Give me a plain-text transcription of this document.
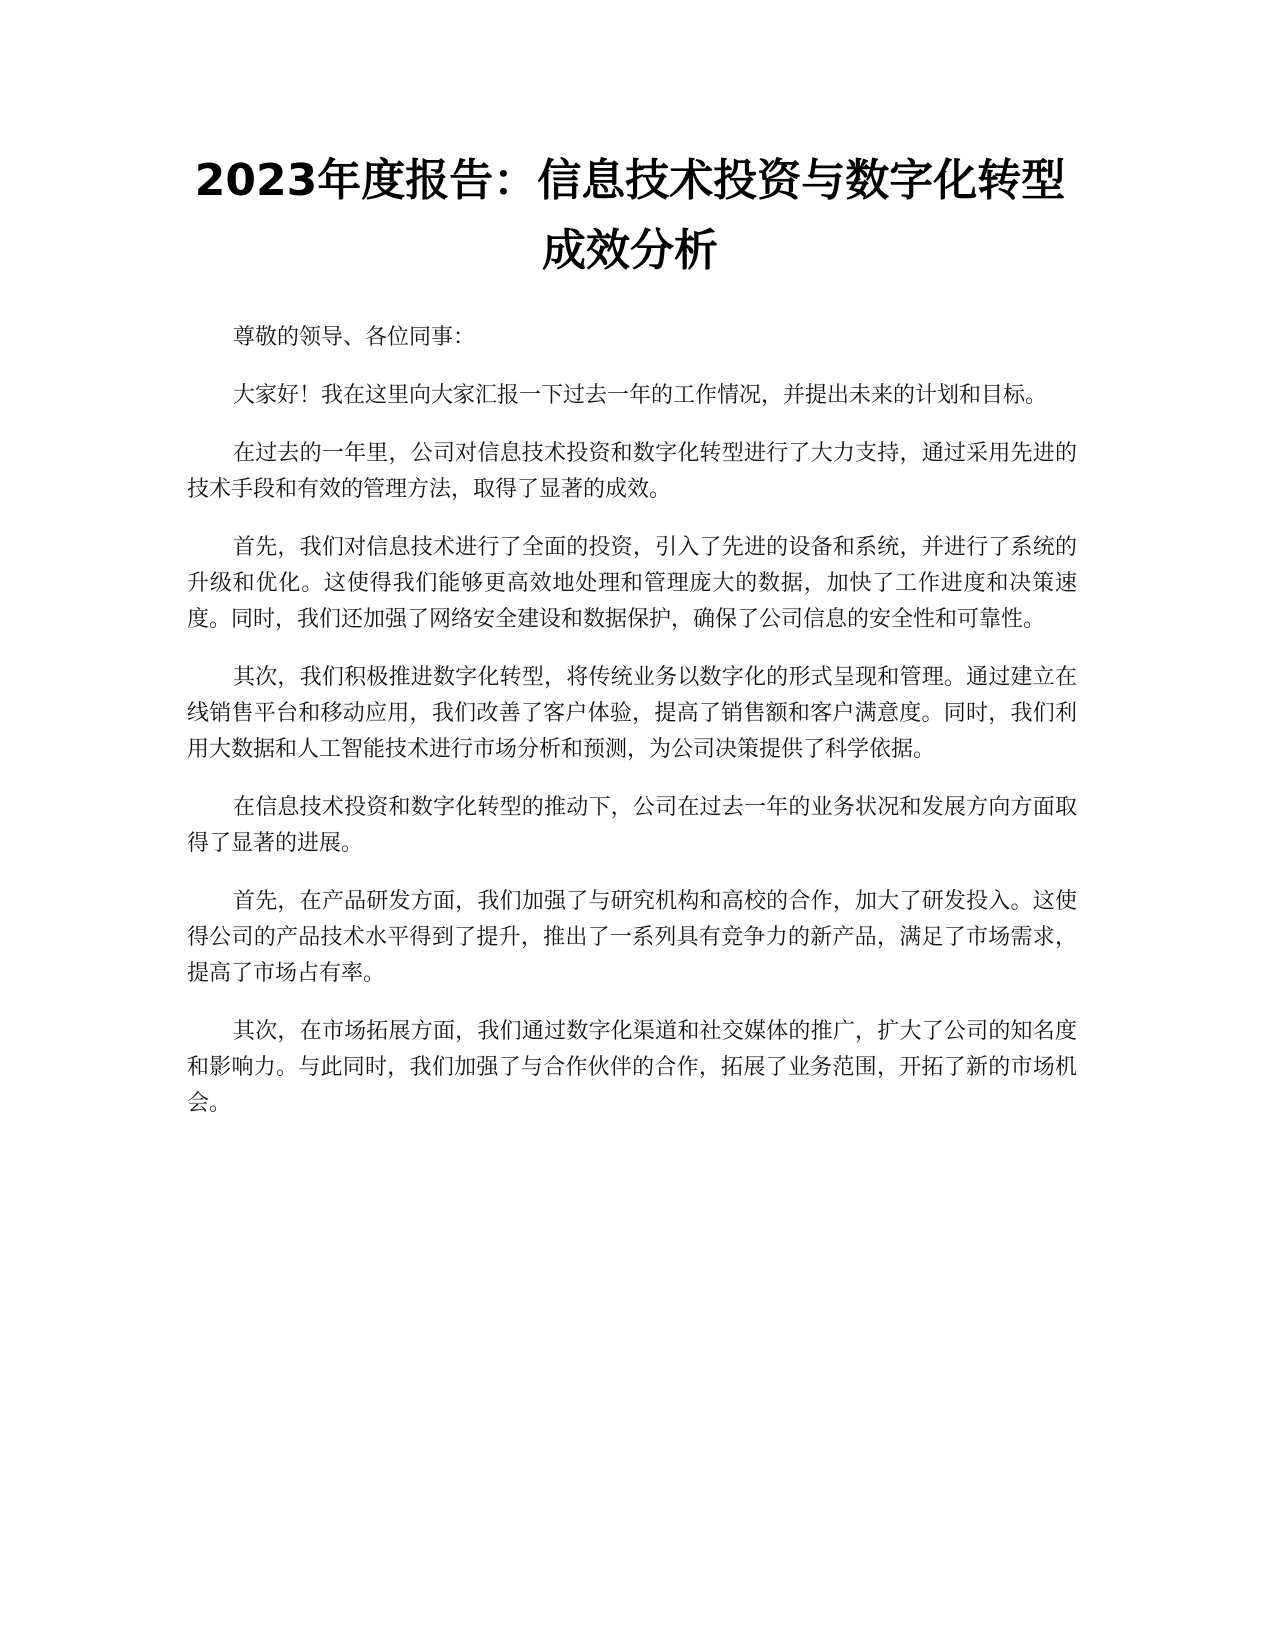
2023年度报告：信息技术投资与数字化转型成效分析

尊敬的领导、各位同事：

大家好！我在这里向大家汇报一下过去一年的工作情况，并提出未来的计划和目标。

在过去的一年里，公司对信息技术投资和数字化转型进行了大力支持，通过采用先进的技术手段和有效的管理方法，取得了显著的成效。

首先，我们对信息技术进行了全面的投资，引入了先进的设备和系统，并进行了系统的升级和优化。这使得我们能够更高效地处理和管理庞大的数据，加快了工作进度和决策速度。同时，我们还加强了网络安全建设和数据保护，确保了公司信息的安全性和可靠性。

其次，我们积极推进数字化转型，将传统业务以数字化的形式呈现和管理。通过建立在线销售平台和移动应用，我们改善了客户体验，提高了销售额和客户满意度。同时，我们利用大数据和人工智能技术进行市场分析和预测，为公司决策提供了科学依据。

在信息技术投资和数字化转型的推动下，公司在过去一年的业务状况和发展方向方面取得了显著的进展。

首先，在产品研发方面，我们加强了与研究机构和高校的合作，加大了研发投入。这使得公司的产品技术水平得到了提升，推出了一系列具有竞争力的新产品，满足了市场需求，提高了市场占有率。

其次，在市场拓展方面，我们通过数字化渠道和社交媒体的推广，扩大了公司的知名度和影响力。与此同时，我们加强了与合作伙伴的合作，拓展了业务范围，开拓了新的市场机会。
